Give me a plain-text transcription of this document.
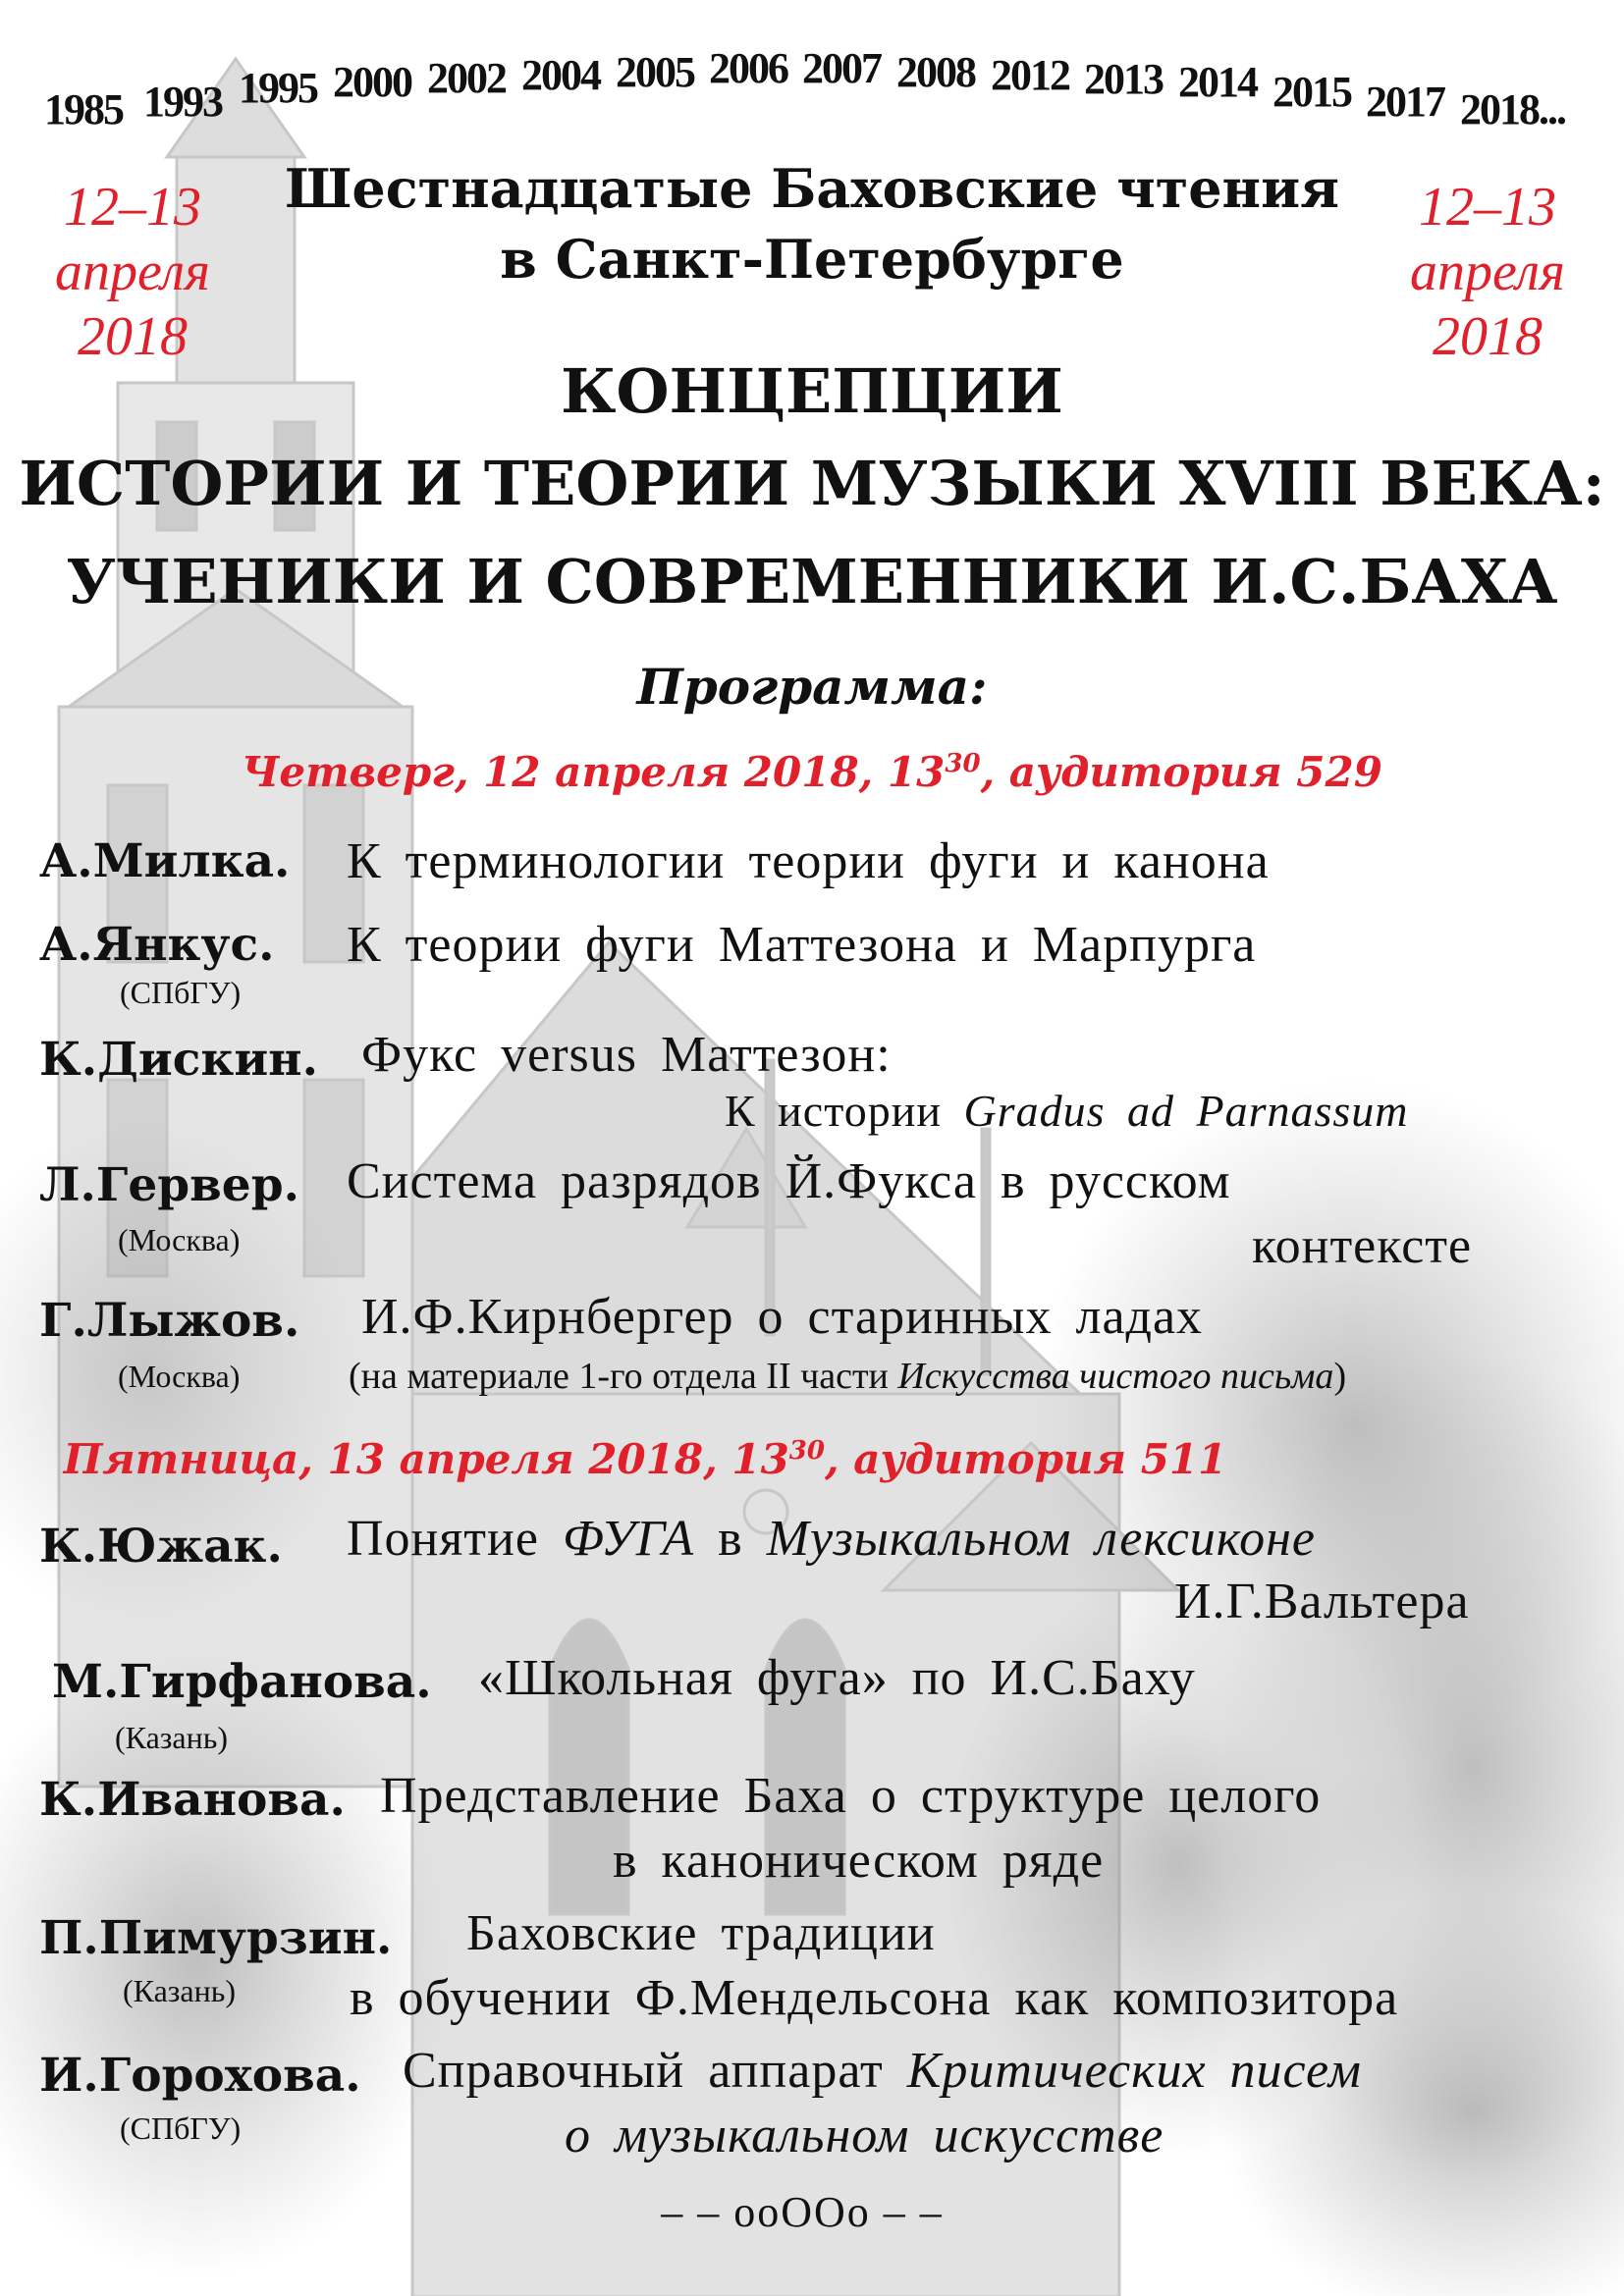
1985 1993 1995 2000 2002 2004 2005 2006 2007 2008 2012 2013 2014 2015 2017 2018...
12–13
апреля
2018
12–13
апреля
2018
Шестнадцатые Баховские чтения
в Санкт-Петербурге
КОНЦЕПЦИИ
ИСТОРИИ И ТЕОРИИ МУЗЫКИ XVIII ВЕКА:
УЧЕНИКИ И СОВРЕМЕННИКИ И.С.БАХА
Программа:
Четверг, 12 апреля 2018, $13^{30}$, аудитория 529
А.Милка. К терминологии теории фуги и канона
А.Янкус.
(СПбГУ)
К теории фуги Маттезона и Марпурга
К.Дискин. Фукс versus Маттезон:
К истории Gradus ad Parnassum
Л.Гервер.
(Москва)
Система разрядов Й.Фукса в русском
контексте
Г.Лыжов.
(Москва)
И.Ф.Кирнбергер о старинных ладах
(на материале 1-го отдела II части Искусства чистого письма)
Пятница, 13 апреля 2018, $13^{30}$, аудитория 511
К.Южак. Понятие ФУГА в Музыкальном лексиконе
И.Г.Вальтера
М.Гирфанова.
(Казань)
«Школьная фуга» по И.С.Баху
К.Иванова. Представление Баха о структуре целого
в каноническом ряде
П.Пимурзин.
(Казань)
Баховские традиции
в обучении Ф.Мендельсона как композитора
И.Горохова.
(СПбГУ)
Справочный аппарат Критических писем
о музыкальном искусстве
– – ooOOo – –
